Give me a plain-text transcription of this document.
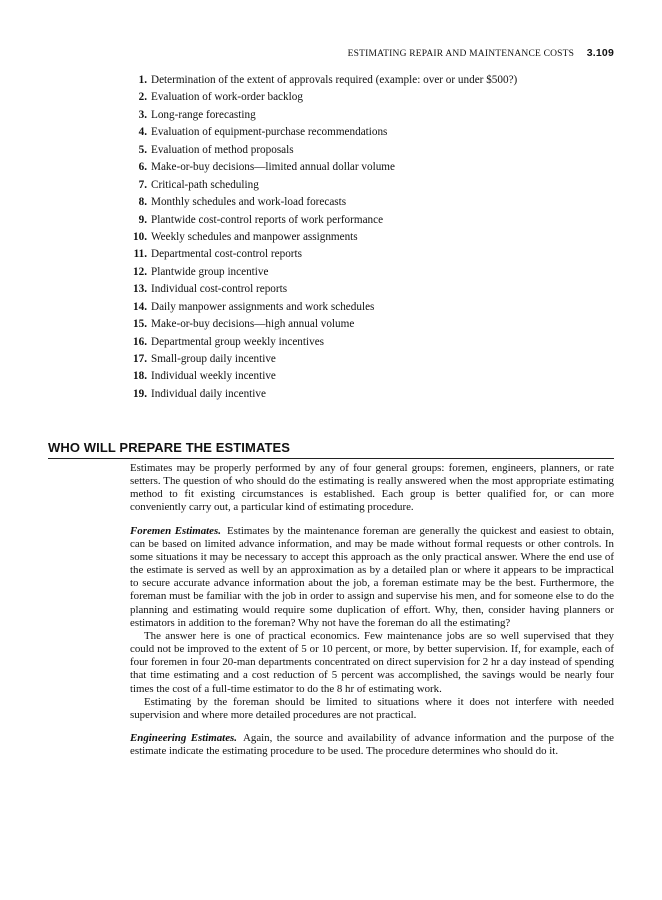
ESTIMATING REPAIR AND MAINTENANCE COSTS 3.109
1. Determination of the extent of approvals required (example: over or under $500?)
2. Evaluation of work-order backlog
3. Long-range forecasting
4. Evaluation of equipment-purchase recommendations
5. Evaluation of method proposals
6. Make-or-buy decisions—limited annual dollar volume
7. Critical-path scheduling
8. Monthly schedules and work-load forecasts
9. Plantwide cost-control reports of work performance
10. Weekly schedules and manpower assignments
11. Departmental cost-control reports
12. Plantwide group incentive
13. Individual cost-control reports
14. Daily manpower assignments and work schedules
15. Make-or-buy decisions—high annual volume
16. Departmental group weekly incentives
17. Small-group daily incentive
18. Individual weekly incentive
19. Individual daily incentive
WHO WILL PREPARE THE ESTIMATES

Estimates may be properly performed by any of four general groups: foremen, engineers, planners, or rate setters. The question of who should do the estimating is really answered when the most appropriate estimating method to fit existing circumstances is established. Each group is better qualified for, or can more conveniently carry out, a particular kind of estimating procedure.

Foremen Estimates. Estimates by the maintenance foreman are generally the quickest and easiest to obtain, can be based on limited advance information, and may be made without formal requests or other controls. In some situations it may be necessary to accept this approach as the only practical answer. Where the end use of the estimate is served as well by an approximation as by a detailed plan or where it appears to be impractical to secure accurate advance information about the job, a foreman estimate may be the best. Furthermore, the foreman must be familiar with the job in order to assign and supervise his men, and for someone else to do the planning and estimating would require some duplication of effort. Why, then, consider having planners or estimators in addition to the foreman? Why not have the foreman do all the estimating?

The answer here is one of practical economics. Few maintenance jobs are so well supervised that they could not be improved to the extent of 5 or 10 percent, or more, by better supervision. If, for example, each of four foremen in four 20-man departments concentrated on direct supervision for 2 hr a day instead of spending that time estimating and a cost reduction of 5 percent was accomplished, the savings would be nearly four times the cost of a full-time estimator to do the 8 hr of estimating work.

Estimating by the foreman should be limited to situations where it does not interfere with needed supervision and where more detailed procedures are not practical.

Engineering Estimates. Again, the source and availability of advance information and the purpose of the estimate indicate the estimating procedure to be used. The procedure determines who should do it.
